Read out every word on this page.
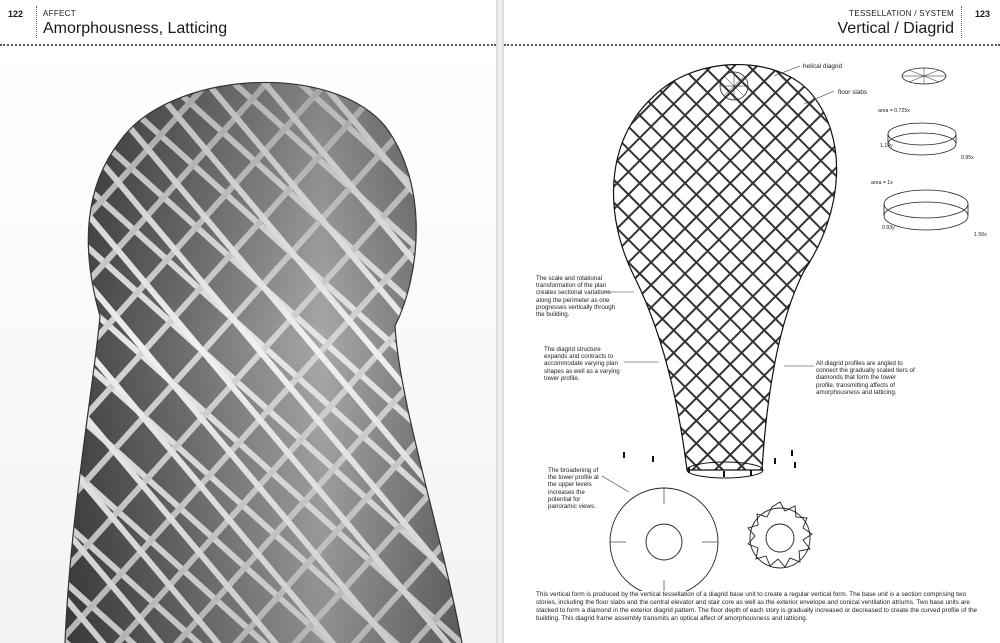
122 AFFECT
Amorphousness, Latticing
TESSELLATION / SYSTEM
Vertical / Diagrid
123
helical diagrid
floor slabs
area = 0.725x
area = 1x
1.14y
0.95x
0.93y
1.50x
The scale and rotational transformation of the plan creates sectional variations along the perimeter as one progresses vertically through the building.
The diagrid structure expands and contracts to accommodate varying plan shapes as well as a varying tower profile.
All diagrid profiles are angled to connect the gradually scaled tiers of diamonds that form the tower profile, transmitting affects of amorphousness and latticing.
The broadening of the tower profile at the upper levels increases the potential for panoramic views.
This vertical form is produced by the vertical tessellation of a diagrid base unit to create a regular vertical form. The base unit is a section comprising two stories, including the floor slabs and the central elevator and stair core as well as the exterior envelope and conical ventilation atriums. Two base units are stacked to form a diamond in the exterior diagrid pattern. The floor depth of each story is gradually increased or decreased to create the curved profile of the building. This diagrid frame assembly transmits an optical affect of amorphousness and latticing.
